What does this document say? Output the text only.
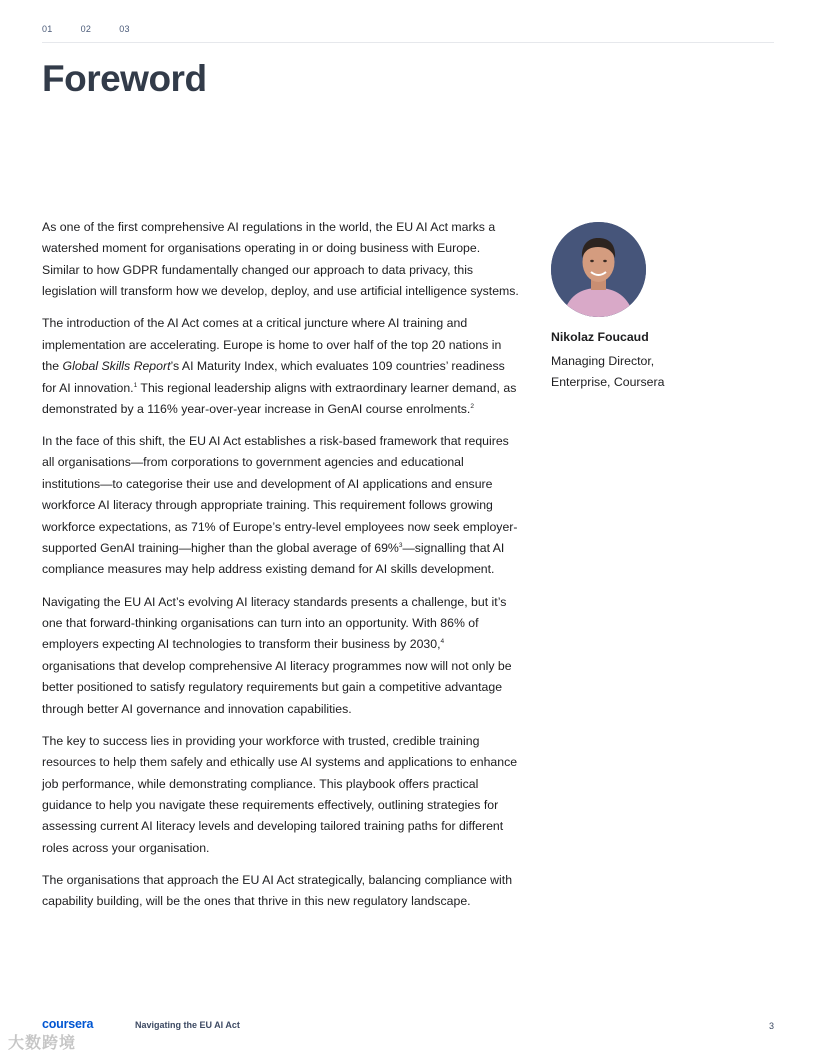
01	02	03
Foreword

As one of the first comprehensive AI regulations in the world, the EU AI Act marks a watershed moment for organisations operating in or doing business with Europe. Similar to how GDPR fundamentally changed our approach to data privacy, this legislation will transform how we develop, deploy, and use artificial intelligence systems.

The introduction of the AI Act comes at a critical juncture where AI training and implementation are accelerating. Europe is home to over half of the top 20 nations in the Global Skills Report’s AI Maturity Index, which evaluates 109 countries’ readiness for AI innovation.$^1$ This regional leadership aligns with extraordinary learner demand, as demonstrated by a 116% year-over-year increase in GenAI course enrolments.$^2$

In the face of this shift, the EU AI Act establishes a risk-based framework that requires all organisations—from corporations to government agencies and educational institutions—to categorise their use and development of AI applications and ensure workforce AI literacy through appropriate training. This requirement follows growing workforce expectations, as 71% of Europe’s entry-level employees now seek employer-supported GenAI training—higher than the global average of 69%$^3$—signalling that AI compliance measures may help address existing demand for AI skills development.

Navigating the EU AI Act’s evolving AI literacy standards presents a challenge, but it’s one that forward-thinking organisations can turn into an opportunity. With 86% of employers expecting AI technologies to transform their business by 2030,$^4$ organisations that develop comprehensive AI literacy programmes now will not only be better positioned to satisfy regulatory requirements but gain a competitive advantage through better AI governance and innovation capabilities.

The key to success lies in providing your workforce with trusted, credible training resources to help them safely and ethically use AI systems and applications to enhance job performance, while demonstrating compliance. This playbook offers practical guidance to help you navigate these requirements effectively, outlining strategies for assessing current AI literacy levels and developing tailored training paths for different roles across your organisation.

The organisations that approach the EU AI Act strategically, balancing compliance with capability building, will be the ones that thrive in this new regulatory landscape.

Nikolaz Foucaud
Managing Director, Enterprise, Coursera
coursera	Navigating the EU AI Act	3
大数跨境
